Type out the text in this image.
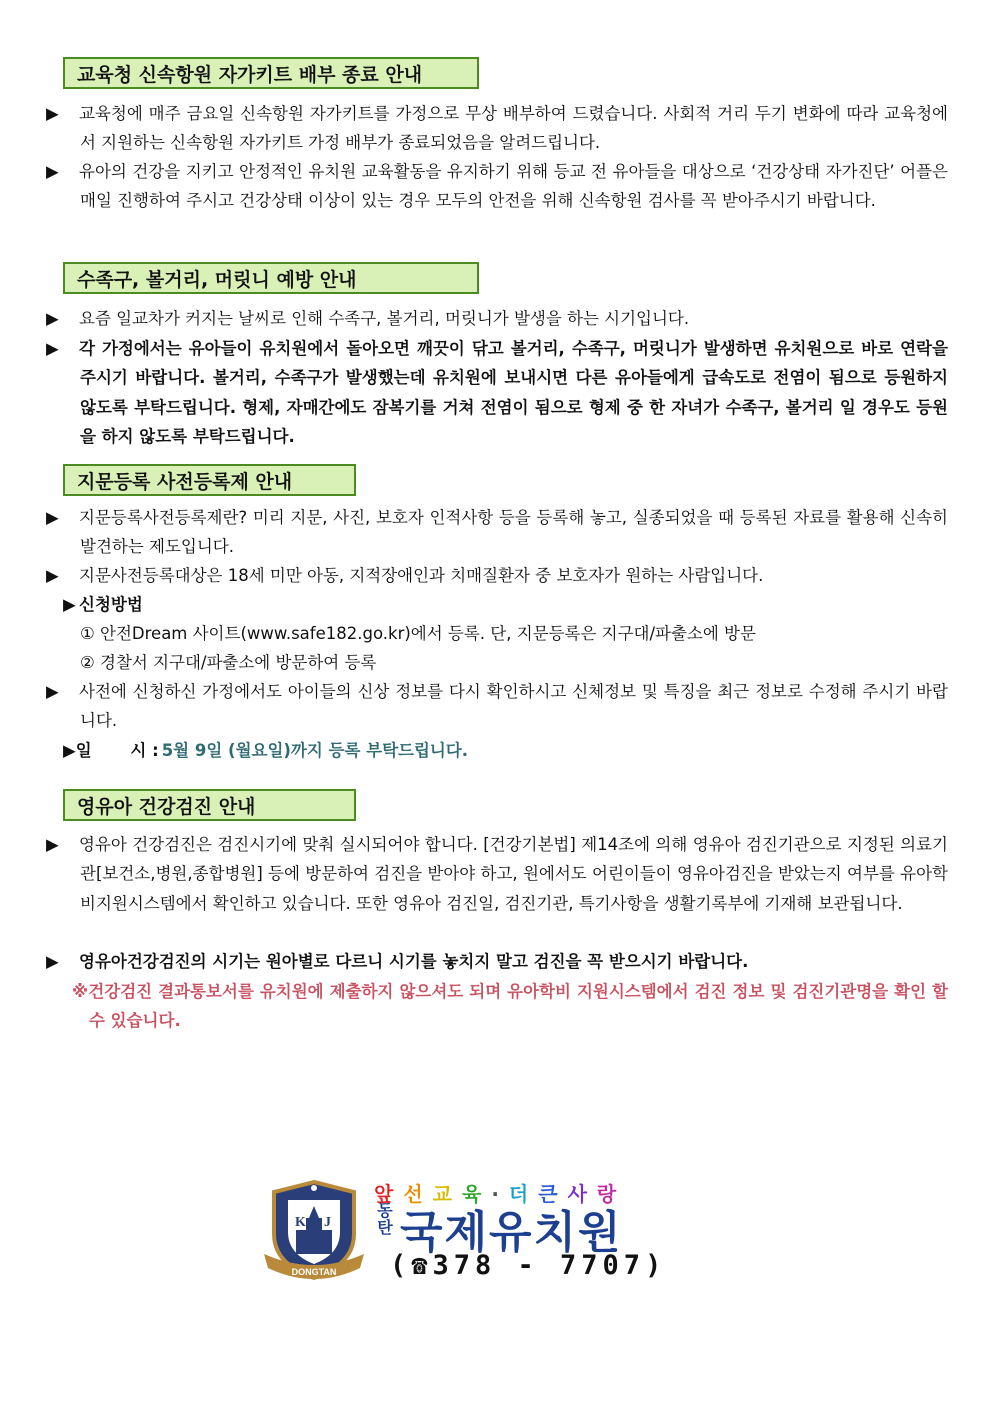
교육청 신속항원 자가키트 배부 종료 안내
▶ 교육청에 매주 금요일 신속항원 자가키트를 가정으로 무상 배부하여 드렸습니다. 사회적 거리 두기 변화에 따라 교육청에서 지원하는 신속항원 자가키트 가정 배부가 종료되었음을 알려드립니다.
▶ 유아의 건강을 지키고 안정적인 유치원 교육활동을 유지하기 위해 등교 전 유아들을 대상으로 ‘건강상태 자가진단’ 어플은 매일 진행하여 주시고 건강상태 이상이 있는 경우 모두의 안전을 위해 신속항원 검사를 꼭 받아주시기 바랍니다.
수족구, 볼거리, 머릿니 예방 안내
▶ 요즘 일교차가 커지는 날씨로 인해 수족구, 볼거리, 머릿니가 발생을 하는 시기입니다.
▶ 각 가정에서는 유아들이 유치원에서 돌아오면 깨끗이 닦고 볼거리, 수족구, 머릿니가 발생하면 유치원으로 바로 연락을 주시기 바랍니다. 볼거리, 수족구가 발생했는데 유치원에 보내시면 다른 유아들에게 급속도로 전염이 됨으로 등원하지 않도록 부탁드립니다. 형제, 자매간에도 잠복기를 거쳐 전염이 됨으로 형제 중 한 자녀가 수족구, 볼거리 일 경우도 등원을 하지 않도록 부탁드립니다.
지문등록 사전등록제 안내
▶ 지문등록사전등록제란? 미리 지문, 사진, 보호자 인적사항 등을 등록해 놓고, 실종되었을 때 등록된 자료를 활용해 신속히 발견하는 제도입니다.
▶ 지문사전등록대상은 18세 미만 아동, 지적장애인과 치매질환자 중 보호자가 원하는 사람입니다.
▶ 신청방법
① 안전Dream 사이트(www.safe182.go.kr)에서 등록. 단, 지문등록은 지구대/파출소에 방문
② 경찰서 지구대/파출소에 방문하여 등록
▶ 사전에 신청하신 가정에서도 아이들의 신상 정보를 다시 확인하시고 신체정보 및 특징을 최근 정보로 수정해 주시기 바랍니다.
▶일　　 시 : 5월 9일 (월요일)까지 등록 부탁드립니다.
영유아 건강검진 안내
▶ 영유아 건강검진은 검진시기에 맞춰 실시되어야 합니다. [건강기본법] 제14조에 의해 영유아 검진기관으로 지정된 의료기관[보건소,병원,종합병원] 등에 방문하여 검진을 받아야 하고, 원에서도 어린이들이 영유아검진을 받았는지 여부를 유아학비지원시스템에서 확인하고 있습니다. 또한 영유아 검진일, 검진기관, 특기사항을 생활기록부에 기재해 보관됩니다.
▶ 영유아건강검진의 시기는 원아별로 다르니 시기를 놓치지 말고 검진을 꼭 받으시기 바랍니다.
※건강검진 결과통보서를 유치원에 제출하지 않으셔도 되며 유아학비 지원시스템에서 검진 정보 및 검진기관명을 확인 할 수 있습니다.
K J
DONGTAN
앞선교육·더큰사랑
동탄 국제유치원
(☎378 - 7707)
